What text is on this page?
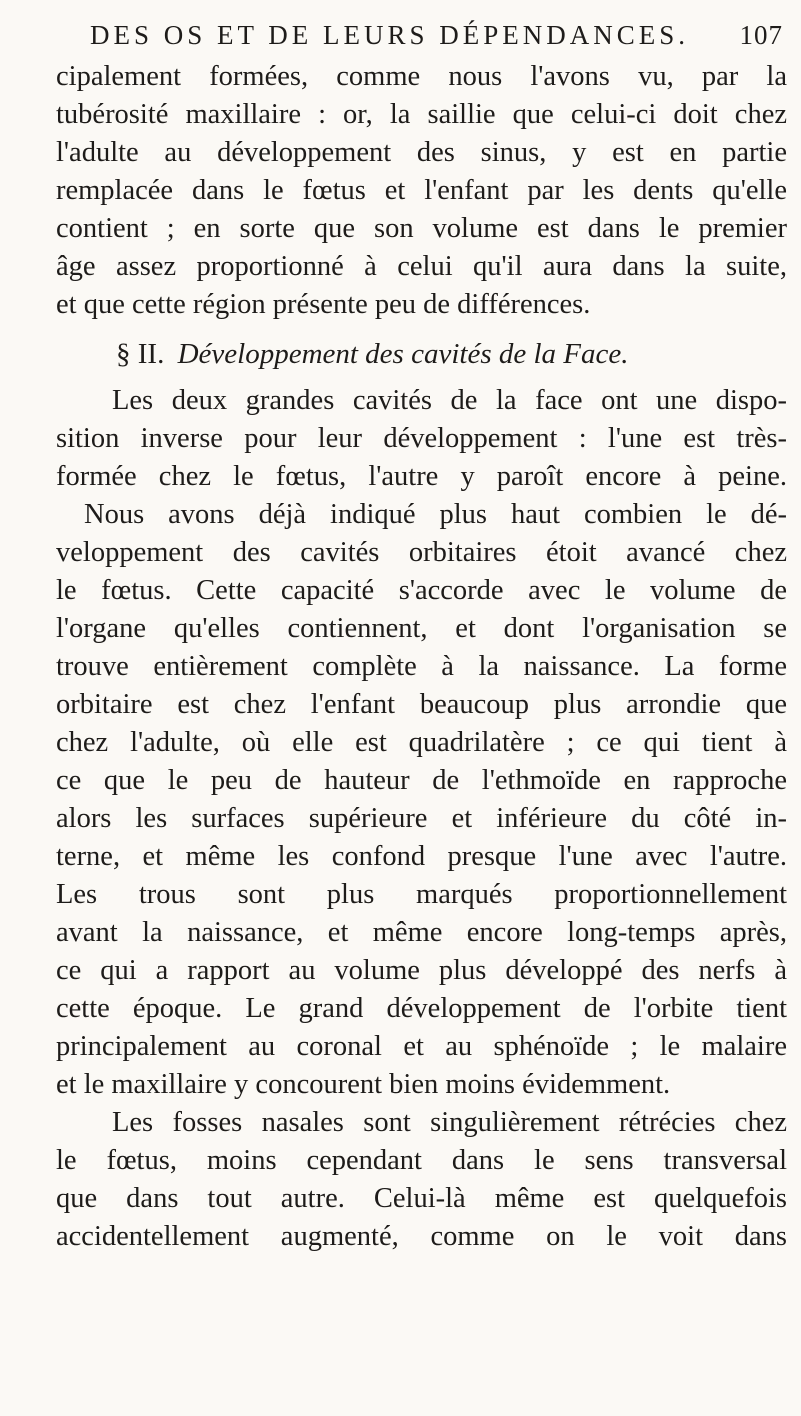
DES OS ET DE LEURS DÉPENDANCES. 107
cipalement formées, comme nous l'avons vu, par la
tubérosité maxillaire : or, la saillie que celui-ci doit chez
l'adulte au développement des sinus, y est en partie
remplacée dans le fœtus et l'enfant par les dents qu'elle
contient ; en sorte que son volume est dans le premier
âge assez proportionné à celui qu'il aura dans la suite,
et que cette région présente peu de différences.
§ II. Développement des cavités de la Face.
Les deux grandes cavités de la face ont une dispo-
sition inverse pour leur développement : l'une est très-
formée chez le fœtus, l'autre y paroît encore à peine.
Nous avons déjà indiqué plus haut combien le dé-
veloppement des cavités orbitaires étoit avancé chez
le fœtus. Cette capacité s'accorde avec le volume de
l'organe qu'elles contiennent, et dont l'organisation se
trouve entièrement complète à la naissance. La forme
orbitaire est chez l'enfant beaucoup plus arrondie que
chez l'adulte, où elle est quadrilatère ; ce qui tient à
ce que le peu de hauteur de l'ethmoïde en rapproche
alors les surfaces supérieure et inférieure du côté in-
terne, et même les confond presque l'une avec l'autre.
Les trous sont plus marqués proportionnellement
avant la naissance, et même encore long-temps après,
ce qui a rapport au volume plus développé des nerfs à
cette époque. Le grand développement de l'orbite tient
principalement au coronal et au sphénoïde ; le malaire
et le maxillaire y concourent bien moins évidemment.
Les fosses nasales sont singulièrement rétrécies chez
le fœtus, moins cependant dans le sens transversal
que dans tout autre. Celui-là même est quelquefois
accidentellement augmenté, comme on le voit dans
